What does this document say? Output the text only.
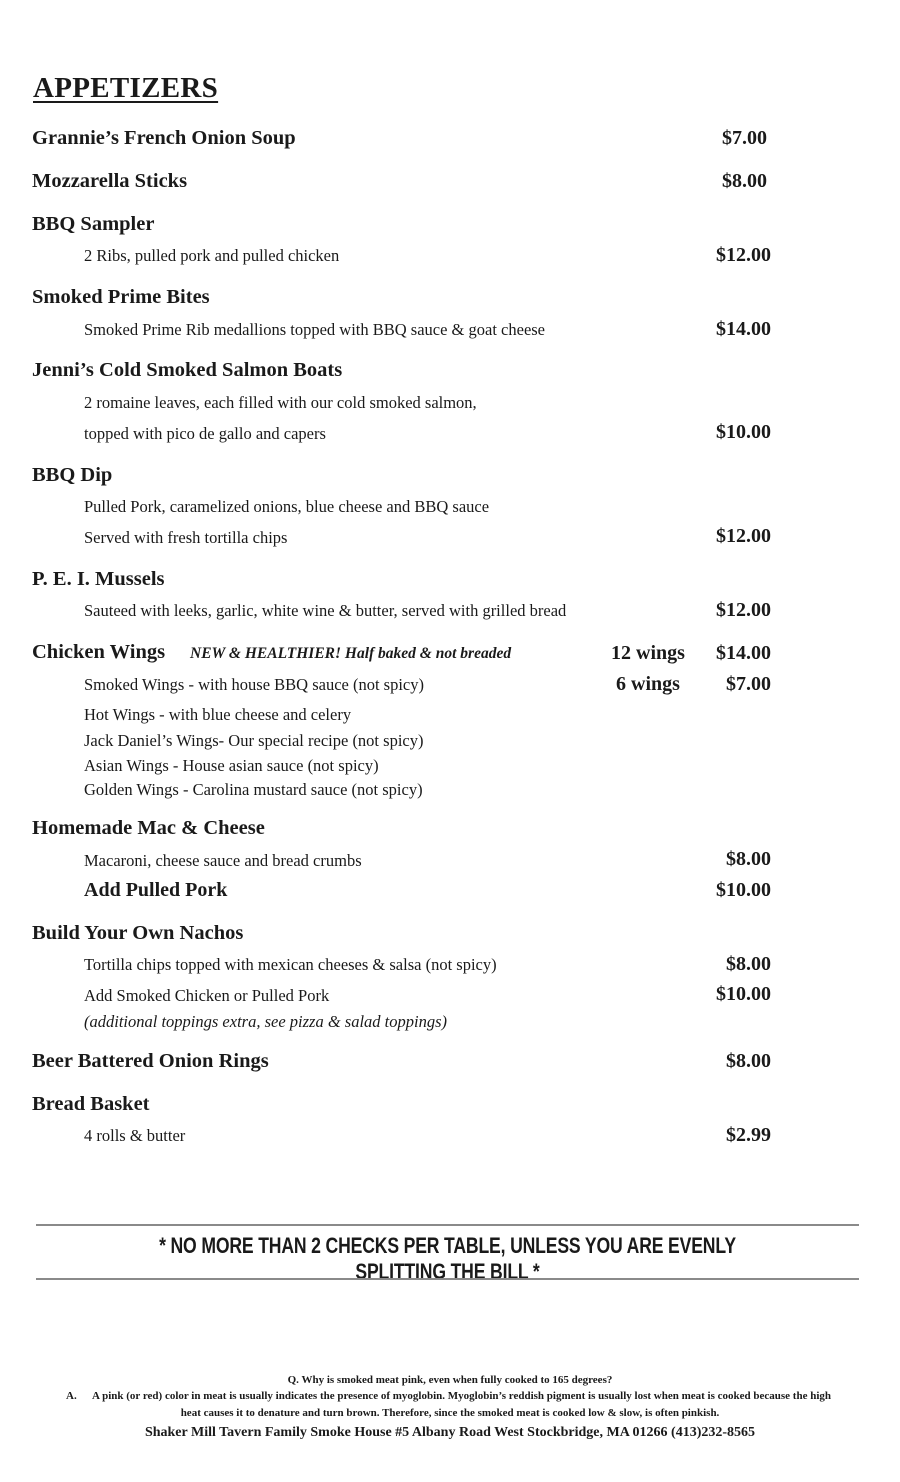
APPETIZERS
Grannie’s French Onion Soup	$7.00
Mozzarella Sticks	$8.00
BBQ Sampler
2 Ribs, pulled pork and pulled chicken	$12.00
Smoked Prime Bites
Smoked Prime Rib medallions topped with BBQ sauce & goat cheese	$14.00
Jenni’s Cold Smoked Salmon Boats
2 romaine leaves, each filled with our cold smoked salmon,
topped with pico de gallo and capers	$10.00
BBQ Dip
Pulled Pork, caramelized onions, blue cheese and BBQ sauce
Served with fresh tortilla chips	$12.00
P. E. I. Mussels
Sauteed with leeks, garlic, white wine & butter, served with grilled bread	$12.00
Chicken Wings NEW & HEALTHIER! Half baked & not breaded	12 wings $14.00
6 wings $7.00
Smoked Wings - with house BBQ sauce (not spicy)
Hot Wings - with blue cheese and celery
Jack Daniel’s Wings- Our special recipe (not spicy)
Asian Wings - House asian sauce (not spicy)
Golden Wings - Carolina mustard sauce (not spicy)
Homemade Mac & Cheese
Macaroni, cheese sauce and bread crumbs	$8.00
Add Pulled Pork	$10.00
Build Your Own Nachos
Tortilla chips topped with mexican cheeses & salsa (not spicy)	$8.00
Add Smoked Chicken or Pulled Pork	$10.00
(additional toppings extra, see pizza & salad toppings)
Beer Battered Onion Rings	$8.00
Bread Basket
4 rolls & butter	$2.99
* NO MORE THAN 2 CHECKS PER TABLE, UNLESS YOU ARE EVENLY SPLITTING THE BILL *
Q. Why is smoked meat pink, even when fully cooked to 165 degrees?
A. A pink (or red) color in meat is usually indicates the presence of myoglobin. Myoglobin’s reddish pigment is usually lost when meat is cooked because the high
heat causes it to denature and turn brown. Therefore, since the smoked meat is cooked low & slow, is often pinkish.
Shaker Mill Tavern Family Smoke House #5 Albany Road West Stockbridge, MA 01266 (413)232-8565
